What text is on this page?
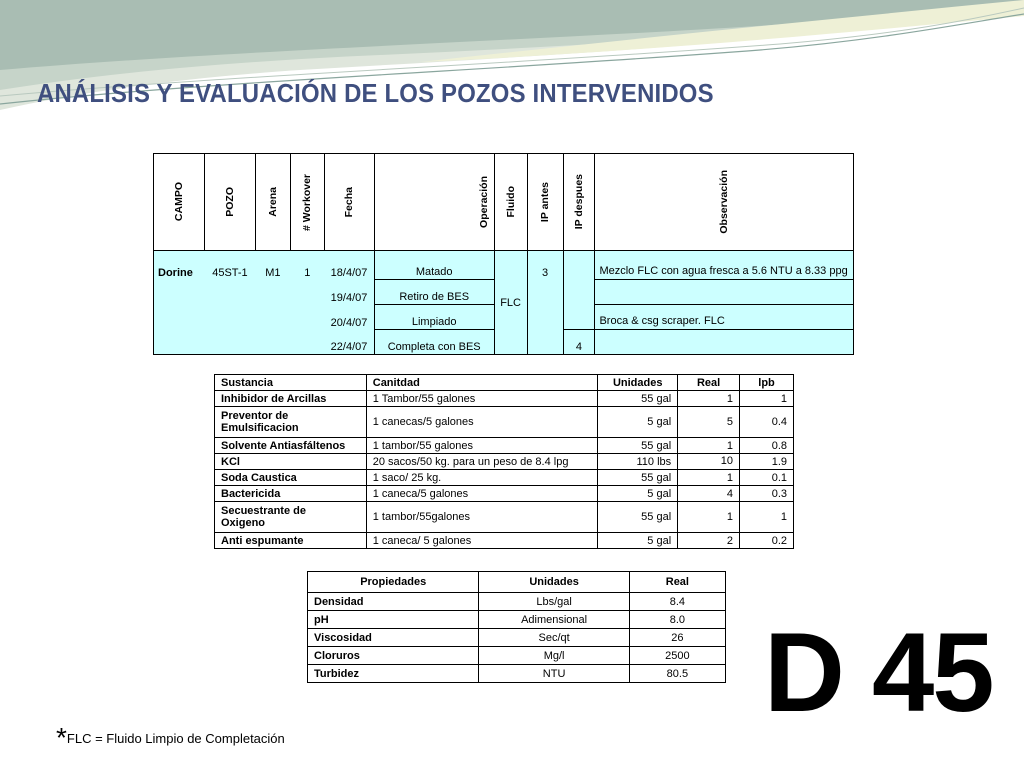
ANÁLISIS Y EVALUACIÓN DE LOS POZOS INTERVENIDOS
CAMPO	POZO	Arena	# Workover	Fecha	Operación	Fluido	IP antes	IP despues	Observación

Dorine	45ST-1	M1	1	18/4/07	Matado	FLC	3		Mezclo FLC con agua fresca a 5.6 NTU a 8.33 ppg
				19/4/07	Retiro de BES				
				20/4/07	Limpiado				Broca & csg scraper. FLC
				22/4/07	Completa con BES			4	
Sustancia	Canitdad	Unidades	Real	lpb
Inhibidor de Arcillas	1 Tambor/55 galones	55 gal	1	1
Preventor de
Emulsificacion	1 canecas/5 galones	5 gal	5	0.4
Solvente Antiasfáltenos	1 tambor/55 galones	55 gal	1	0.8
KCl	20 sacos/50 kg. para un peso de 8.4 lpg	110 lbs	10	1.9
Soda Caustica	1 saco/ 25 kg.	55 gal	1	0.1
Bactericida	1 caneca/5 galones	5 gal	4	0.3
Secuestrante de
Oxigeno	1 tambor/55galones	55 gal	1	1
Anti espumante	1 caneca/ 5 galones	5 gal	2	0.2
Propiedades	Unidades	Real
Densidad	Lbs/gal	8.4
pH	Adimensional	8.0
Viscosidad	Sec/qt	26
Cloruros	Mg/l	2500
Turbidez	NTU	80.5 D 45
*FLC = Fluido Limpio de Completación
